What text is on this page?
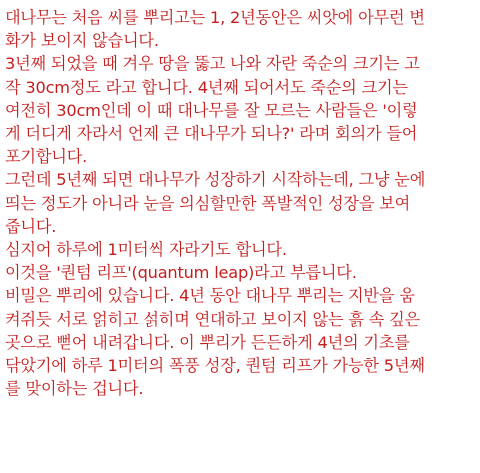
대나무는 처음 씨를 뿌리고는 1, 2년동안은 씨앗에 아무런 변
화가 보이지 않습니다.

3년째 되었을 때 겨우 땅을 뚫고 나와 자란 죽순의 크기는 고
작 30cm정도 라고 합니다. 4년째 되어서도 죽순의 크기는
여전히 30cm인데 이 때 대나무를 잘 모르는 사람들은 '이렇
게 더디게 자라서 언제 큰 대나무가 되나?' 라며 회의가 들어
포기합니다.

그런데 5년째 되면 대나무가 성장하기 시작하는데, 그냥 눈에
띄는 정도가 아니라 눈을 의심할만한 폭발적인 성장을 보여
줍니다.

심지어 하루에 1미터씩 자라기도 합니다.

이것을 '퀀텀 리프'(quantum leap)라고 부릅니다.

비밀은 뿌리에 있습니다. 4년 동안 대나무 뿌리는 지반을 움
켜쥐듯 서로 얽히고 섥히며 연대하고 보이지 않는 흙 속 깊은
곳으로 뻗어 내려갑니다. 이 뿌리가 든든하게 4년의 기초를
닦았기에 하루 1미터의 폭풍 성장, 퀀텀 리프가 가능한 5년째
를 맞이하는 겁니다.
